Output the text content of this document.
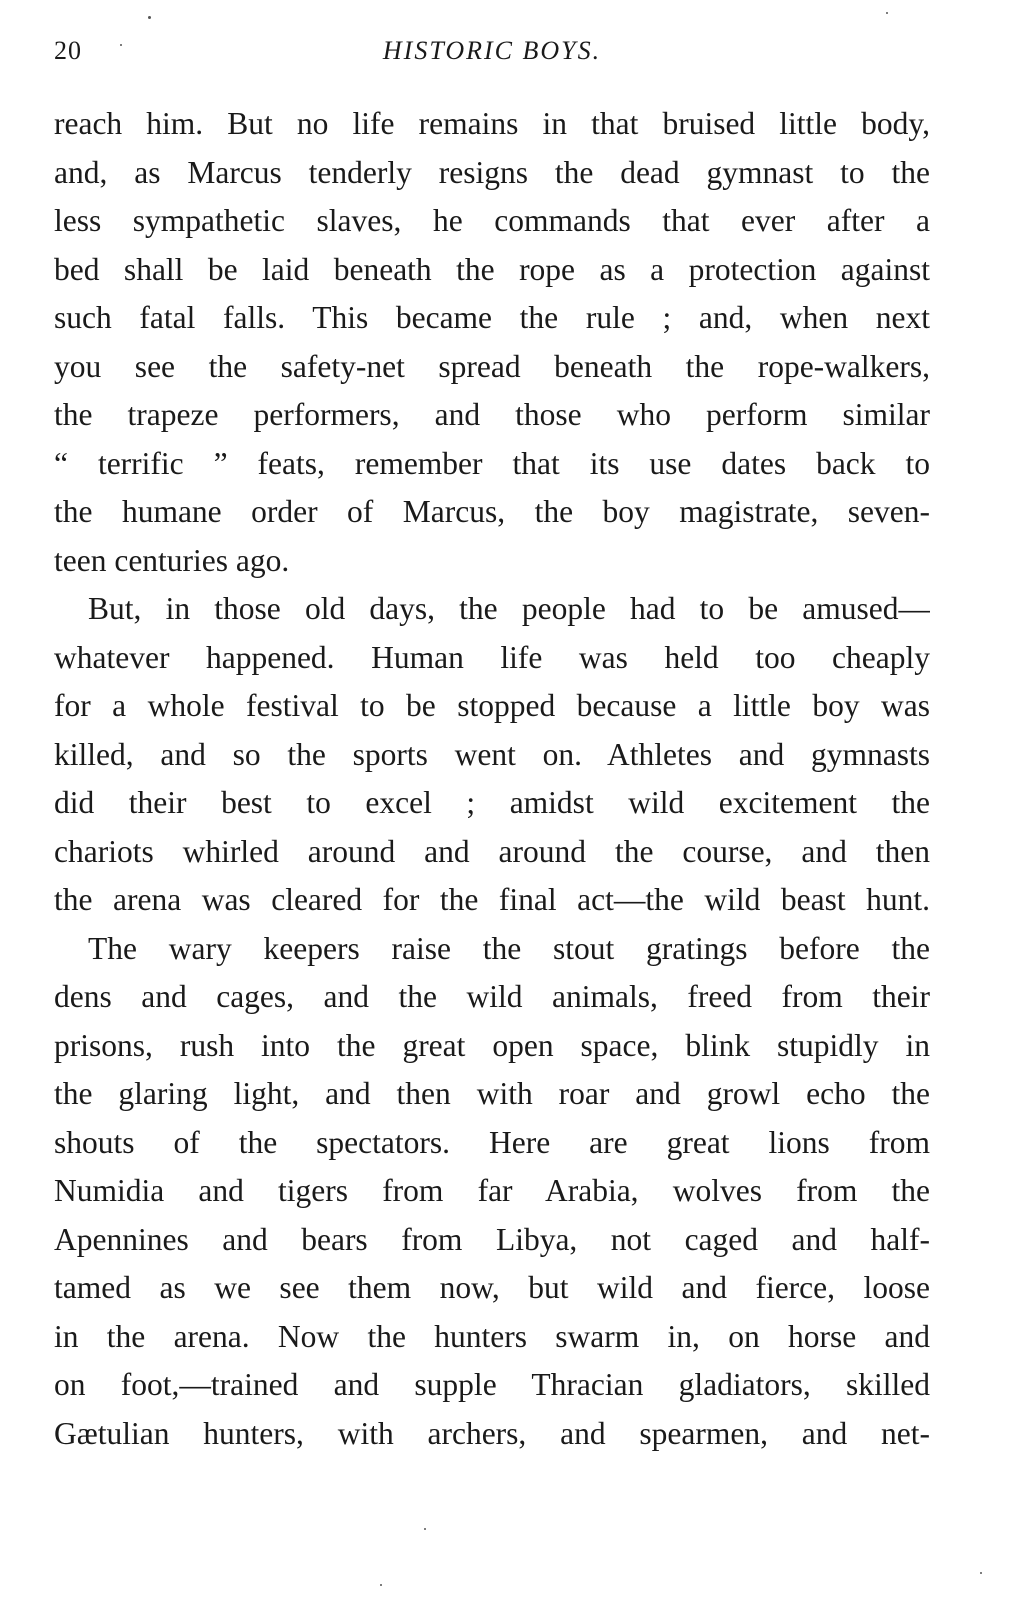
20	HISTORIC BOYS.
reach him. But no life remains in that bruised little body,
and, as Marcus tenderly resigns the dead gymnast to the
less sympathetic slaves, he commands that ever after a
bed shall be laid beneath the rope as a protection against
such fatal falls. This became the rule ; and, when next
you see the safety-net spread beneath the rope-walkers,
the trapeze performers, and those who perform similar
“ terrific ” feats, remember that its use dates back to
the humane order of Marcus, the boy magistrate, seven-
teen centuries ago.
But, in those old days, the people had to be amused—
whatever happened. Human life was held too cheaply
for a whole festival to be stopped because a little boy was
killed, and so the sports went on. Athletes and gymnasts
did their best to excel ; amidst wild excitement the
chariots whirled around and around the course, and then
the arena was cleared for the final act—the wild beast hunt.
The wary keepers raise the stout gratings before the
dens and cages, and the wild animals, freed from their
prisons, rush into the great open space, blink stupidly in
the glaring light, and then with roar and growl echo the
shouts of the spectators. Here are great lions from
Numidia and tigers from far Arabia, wolves from the
Apennines and bears from Libya, not caged and half-
tamed as we see them now, but wild and fierce, loose
in the arena. Now the hunters swarm in, on horse and
on foot,—trained and supple Thracian gladiators, skilled
Gætulian hunters, with archers, and spearmen, and net-
